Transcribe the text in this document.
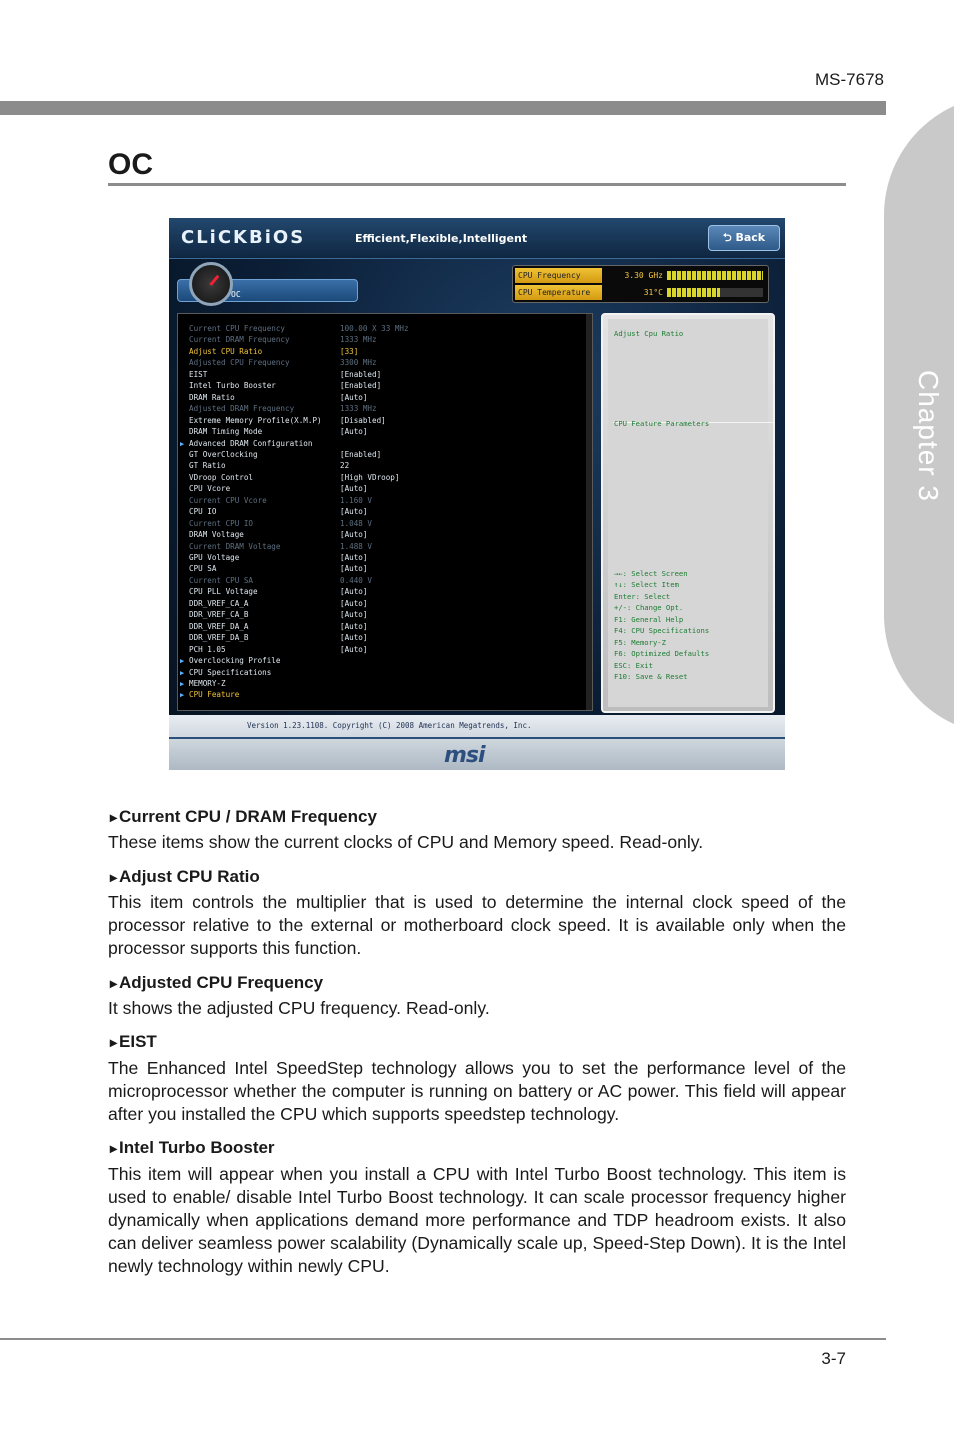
MS-7678
Chapter 3
OC
CLiCKBiOS	Efficient,Flexible,Intelligent	⮌ Back
OC
CPU Frequency	3.30 GHz
CPU Temperature	31°C
Current CPU Frequency	100.00 X 33 MHz
Current DRAM Frequency	1333 MHz
Adjust CPU Ratio	[33]
Adjusted CPU Frequency	3300 MHz
EIST	[Enabled]
Intel Turbo Booster	[Enabled]
DRAM Ratio	[Auto]
Adjusted DRAM Frequency	1333 MHz
Extreme Memory Profile(X.M.P) [Disabled]
DRAM Timing Mode	[Auto]
▶ Advanced DRAM Configuration
GT OverClocking	[Enabled]
GT Ratio	22
VDroop Control	[High VDroop]
CPU Vcore	[Auto]
Current CPU Vcore	1.160 V
CPU IO	[Auto]
Current CPU IO	1.048 V
DRAM Voltage	[Auto]
Current DRAM Voltage	1.488 V
GPU Voltage	[Auto]
CPU SA	[Auto]
Current CPU SA	0.440 V
CPU PLL Voltage	[Auto]
DDR_VREF_CA_A	[Auto]
DDR_VREF_CA_B	[Auto]
DDR_VREF_DA_A	[Auto]
DDR_VREF_DA_B	[Auto]
PCH 1.05	[Auto]
▶ Overclocking Profile
▶ CPU Specifications
▶ MEMORY-Z
▶ CPU Feature
Adjust Cpu Ratio
CPU Feature Parameters
→←: Select Screen
↑↓: Select Item
Enter: Select
+/-: Change Opt.
F1: General Help
F4: CPU Specifications
F5: Memory-Z
F6: Optimized Defaults
ESC: Exit
F10: Save & Reset
Version 1.23.1108. Copyright (C) 2008 American Megatrends, Inc.
msi
▸ Current CPU / DRAM Frequency
These items show the current clocks of CPU and Memory speed. Read-only.
▸ Adjust CPU Ratio
This item controls the multiplier that is used to determine the internal clock speed of the processor relative to the external or motherboard clock speed. It is available only when the processor supports this function.
▸ Adjusted CPU Frequency
It shows the adjusted CPU frequency. Read-only.
▸ EIST
The Enhanced Intel SpeedStep technology allows you to set the performance level of the microprocessor whether the computer is running on battery or AC power. This field will appear after you installed the CPU which supports speedstep technology.
▸ Intel Turbo Booster
This item will appear when you install a CPU with Intel Turbo Boost technology. This item is used to enable/ disable Intel Turbo Boost technology. It can scale processor frequency higher dynamically when applications demand more performance and TDP headroom exists. It also can deliver seamless power scalability (Dynamically scale up, Speed-Step Down). It is the Intel newly technology within newly CPU.
3-7
